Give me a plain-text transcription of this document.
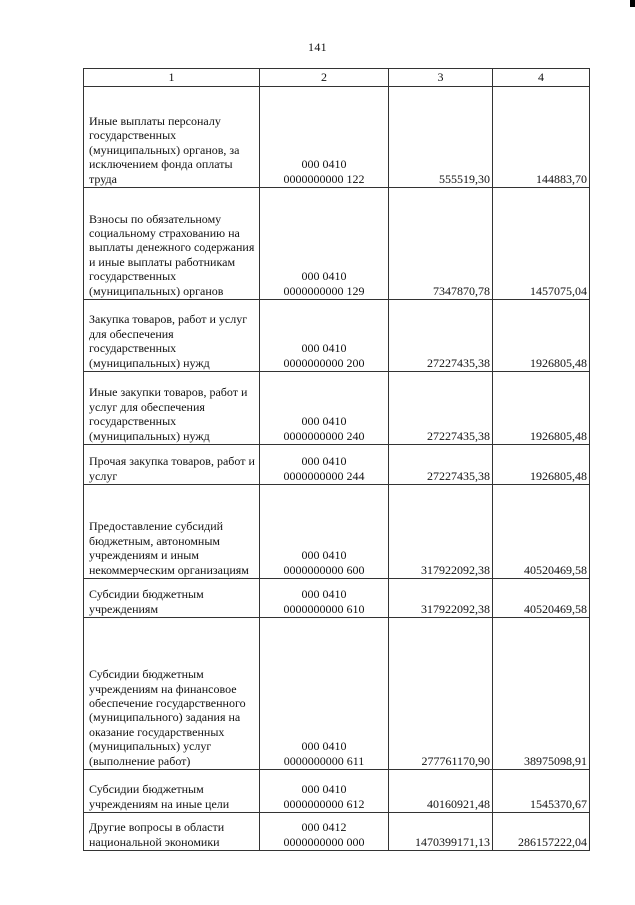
141
1	2	3	4

Иные выплаты персоналу государственных (муниципальных) органов, за исключением фонда оплаты труда	000 0410
0000000000 122	555519,30	144883,70

Взносы по обязательному социальному страхованию на выплаты денежного содержания и иные выплаты работникам государственных (муниципальных) органов	000 0410
0000000000 129	7347870,78	1457075,04

Закупка товаров, работ и услуг для обеспечения государственных (муниципальных) нужд	000 0410
0000000000 200	27227435,38	1926805,48

Иные закупки товаров, работ и услуг для обеспечения государственных (муниципальных) нужд	000 0410
0000000000 240	27227435,38	1926805,48

Прочая закупка товаров, работ и услуг	000 0410
0000000000 244	27227435,38	1926805,48

Предоставление субсидий бюджетным, автономным учреждениям и иным некоммерческим организациям	000 0410
0000000000 600	317922092,38	40520469,58

Субсидии бюджетным учреждениям	000 0410
0000000000 610	317922092,38	40520469,58

Субсидии бюджетным учреждениям на финансовое обеспечение государственного (муниципального) задания на оказание государственных (муниципальных) услуг (выполнение работ)	000 0410
0000000000 611	277761170,90	38975098,91

Субсидии бюджетным учреждениям на иные цели	000 0410
0000000000 612	40160921,48	1545370,67

Другие вопросы в области национальной экономики	000 0412
0000000000 000	1470399171,13	286157222,04
